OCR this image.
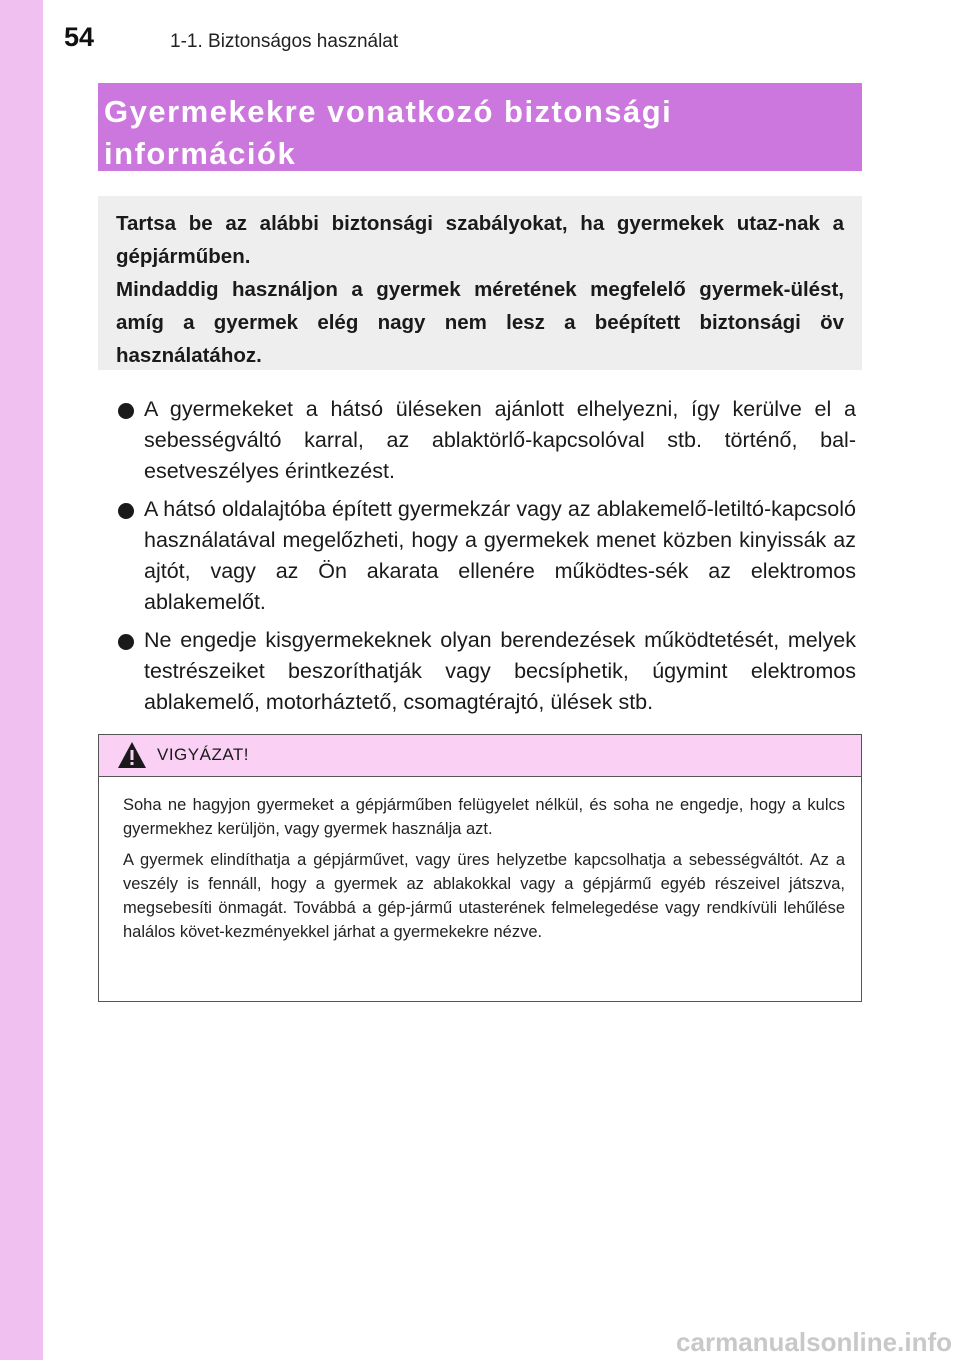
54	1-1. Biztonságos használat
Gyermekekre vonatkozó biztonsági
információk

Tartsa be az alábbi biztonsági szabályokat, ha gyermekek utaz-nak a gépjárműben.

Mindaddig használjon a gyermek méretének megfelelő gyermek-ülést, amíg a gyermek elég nagy nem lesz a beépített biztonsági öv használatához.

A gyermekeket a hátsó üléseken ajánlott elhelyezni, így kerülve el a sebességváltó karral, az ablaktörlő-kapcsolóval stb. történő, bal-esetveszélyes érintkezést.
A hátsó oldalajtóba épített gyermekzár vagy az ablakemelő-letiltó-kapcsoló használatával megelőzheti, hogy a gyermekek menet közben kinyissák az ajtót, vagy az Ön akarata ellenére működtes-sék az elektromos ablakemelőt.
Ne engedje kisgyermekeknek olyan berendezések működtetését, melyek testrészeiket beszoríthatják vagy becsíphetik, úgymint elektromos ablakemelő, motorháztető, csomagtérajtó, ülések stb.
VIGYÁZAT!

Soha ne hagyjon gyermeket a gépjárműben felügyelet nélkül, és soha ne engedje, hogy a kulcs gyermekhez kerüljön, vagy gyermek használja azt.

A gyermek elindíthatja a gépjárművet, vagy üres helyzetbe kapcsolhatja a sebességváltót. Az a veszély is fennáll, hogy a gyermek az ablakokkal vagy a gépjármű egyéb részeivel játszva, megsebesíti önmagát. Továbbá a gép-jármű utasterének felmelegedése vagy rendkívüli lehűlése halálos követ-kezményekkel járhat a gyermekekre nézve.

carmanualsonline.info
